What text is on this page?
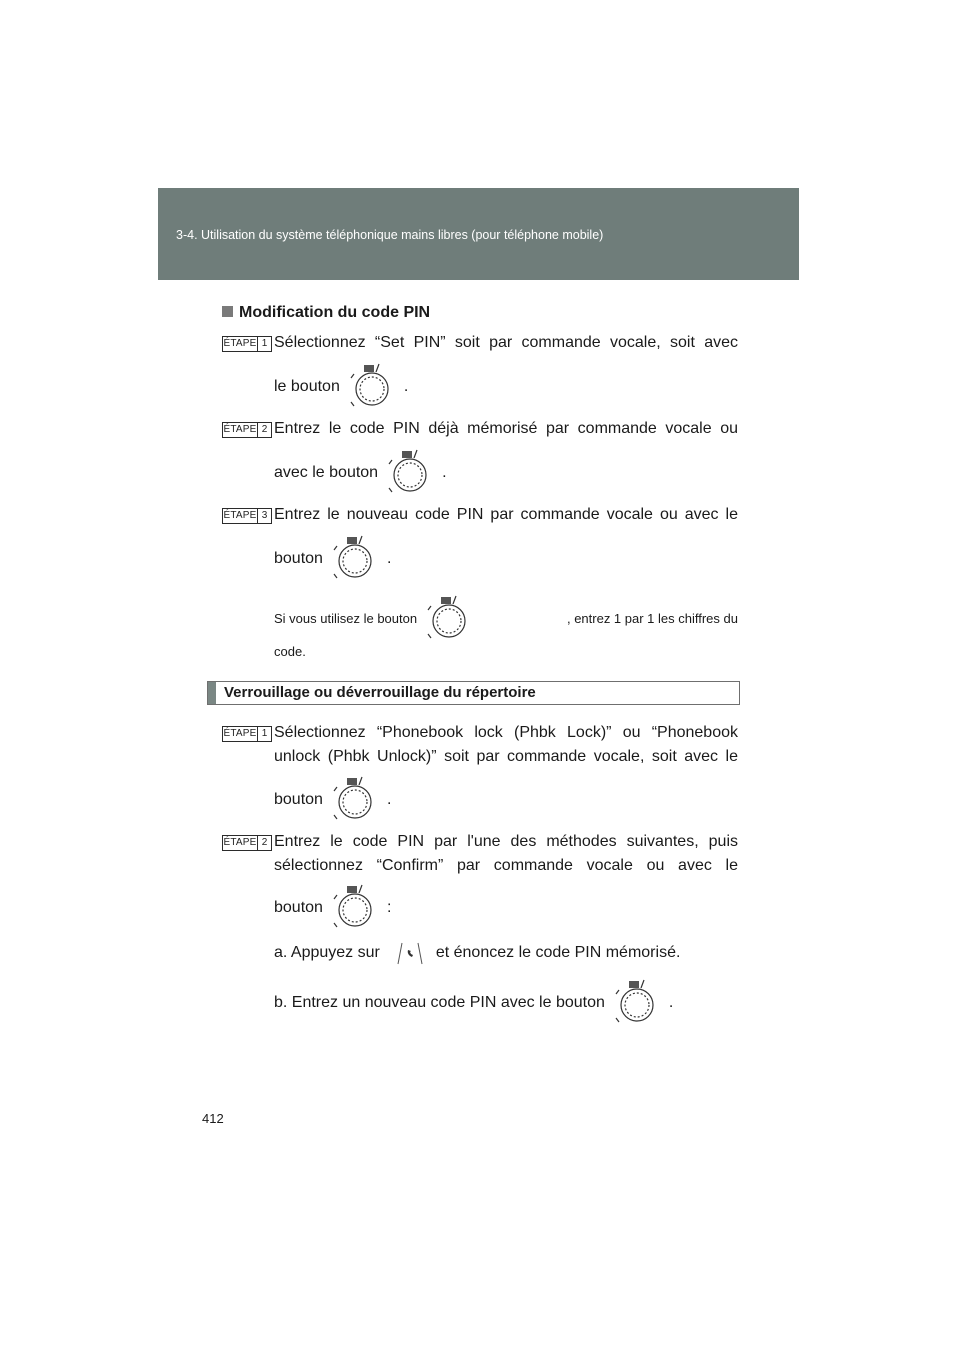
3-4. Utilisation du système téléphonique mains libres (pour téléphone mobile)
Modification du code PIN
ÉTAPE 1 Sélectionnez “Set PIN” soit par commande vocale, soit avec
le bouton	.
ÉTAPE 2 Entrez le code PIN déjà mémorisé par commande vocale ou
avec le bouton	.
ÉTAPE 3 Entrez le nouveau code PIN par commande vocale ou avec le
bouton	.
Si vous utilisez le bouton	, entrez 1 par 1 les chiffres du
code.
Verrouillage ou déverrouillage du répertoire
ÉTAPE 1 Sélectionnez “Phonebook lock (Phbk Lock)” ou “Phonebook
unlock (Phbk Unlock)” soit par commande vocale, soit avec le
bouton	.
ÉTAPE 2 Entrez le code PIN par l'une des méthodes suivantes, puis
sélectionnez “Confirm” par commande vocale ou avec le
bouton	:
a. Appuyez sur	et énoncez le code PIN mémorisé.
b. Entrez un nouveau code PIN avec le bouton	.
412
